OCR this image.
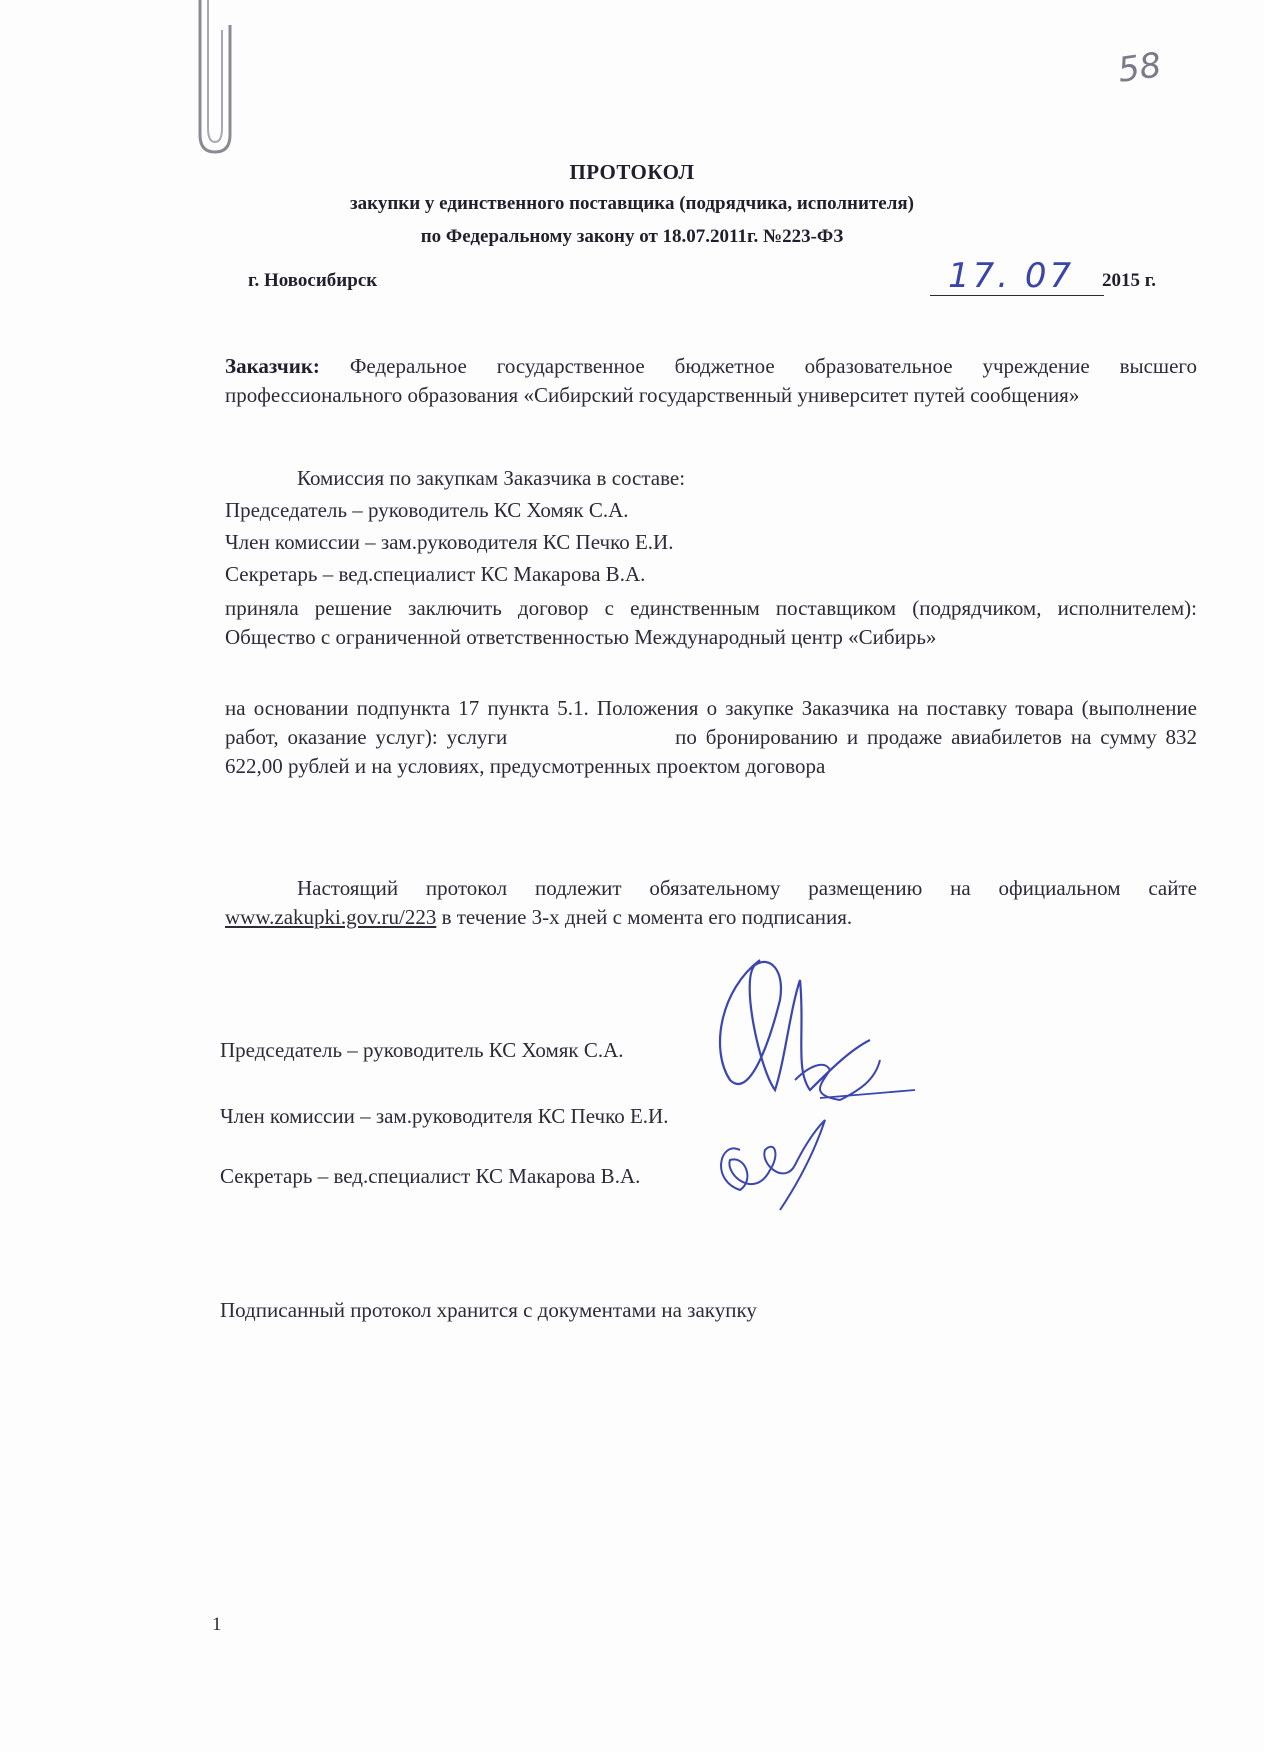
58
ПРОТОКОЛ
закупки у единственного поставщика (подрядчика, исполнителя)
по Федеральному закону от 18.07.2011г. №223-ФЗ
г. Новосибирск	17. 07 2015 г.
Заказчик: Федеральное государственное бюджетное образовательное учреждение высшего профессионального образования «Сибирский государственный университет путей сообщения»
Комиссия по закупкам Заказчика в составе:
Председатель – руководитель КС Хомяк С.А.
Член комиссии – зам.руководителя КС Печко Е.И.
Секретарь – вед.специалист КС Макарова В.А.
приняла решение заключить договор с единственным поставщиком (подрядчиком, исполнителем): Общество с ограниченной ответственностью Международный центр «Сибирь»
на основании подпункта 17 пункта 5.1. Положения о закупке Заказчика на поставку товара (выполнение работ, оказание услуг): услуги	по бронированию и продаже авиабилетов на сумму 832 622,00 рублей и на условиях, предусмотренных проектом договора
Настоящий протокол подлежит обязательному размещению на официальном сайте www.zakupki.gov.ru/223 в течение 3-х дней с момента его подписания.
Председатель – руководитель КС Хомяк С.А.
Член комиссии – зам.руководителя КС Печко Е.И.
Секретарь – вед.специалист КС Макарова В.А.
Подписанный протокол хранится с документами на закупку
1
